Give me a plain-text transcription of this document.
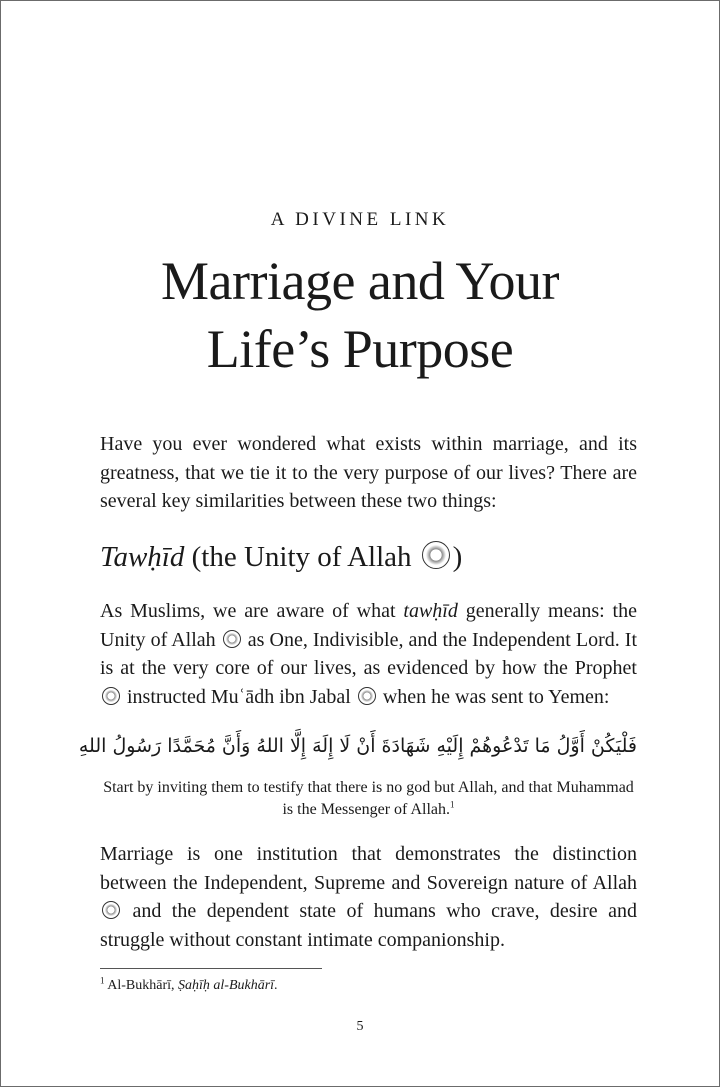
A DIVINE LINK
Marriage and Your
Life’s Purpose

Have you ever wondered what exists within marriage, and its greatness, that we tie it to the very purpose of our lives? There are several key similarities between these two things:

Tawḥīd (the Unity of Allah )

As Muslims, we are aware of what tawḥīd generally means: the Unity of Allah  as One, Indivisible, and the Independent Lord. It is at the very core of our lives, as evidenced by how the Prophet  instructed Muʿādh ibn Jabal  when he was sent to Yemen:

فَلْيَكُنْ أَوَّلُ مَا تَدْعُوهُمْ إِلَيْهِ شَهَادَةَ أَنْ لَا إِلَهَ إِلَّا اللهُ وَأَنَّ مُحَمَّدًا رَسُولُ اللهِ
Start by inviting them to testify that there is no god but Allah, and that Muhammad is the Messenger of Allah.$^1$

Marriage is one institution that demonstrates the distinction between the Independent, Supreme and Sovereign nature of Allah  and the dependent state of humans who crave, desire and struggle without constant intimate companionship.

$^1$ Al-Bukhārī, Ṣaḥīḥ al-Bukhārī.
5
